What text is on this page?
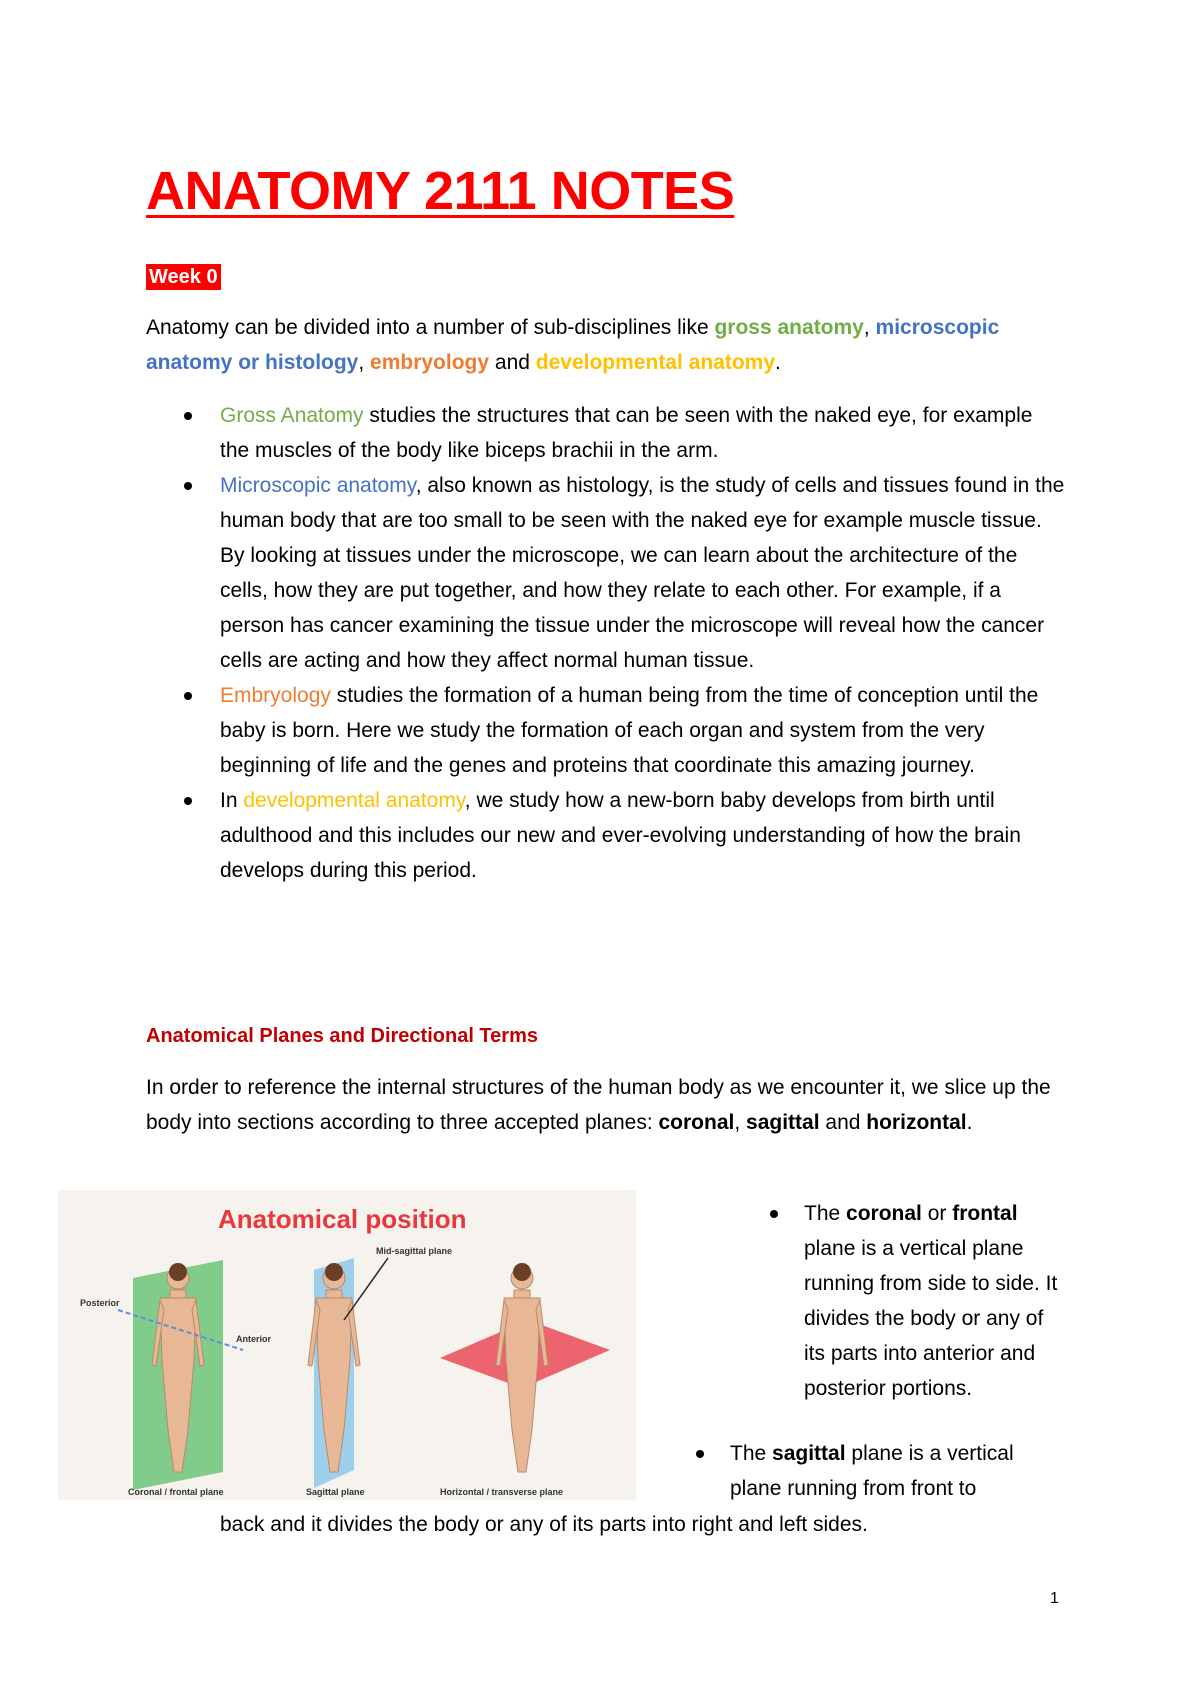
ANATOMY 2111 NOTES
Week 0

Anatomy can be divided into a number of sub-disciplines like gross anatomy, microscopic anatomy or histology, embryology and developmental anatomy.

Gross Anatomy studies the structures that can be seen with the naked eye, for example the muscles of the body like biceps brachii in the arm.
Microscopic anatomy, also known as histology, is the study of cells and tissues found in the human body that are too small to be seen with the naked eye for example muscle tissue. By looking at tissues under the microscope, we can learn about the architecture of the cells, how they are put together, and how they relate to each other. For example, if a person has cancer examining the tissue under the microscope will reveal how the cancer cells are acting and how they affect normal human tissue.
Embryology studies the formation of a human being from the time of conception until the baby is born. Here we study the formation of each organ and system from the very beginning of life and the genes and proteins that coordinate this amazing journey.
In developmental anatomy, we study how a new-born baby develops from birth until adulthood and this includes our new and ever-evolving understanding of how the brain develops during this period.
Anatomical Planes and Directional Terms

In order to reference the internal structures of the human body as we encounter it, we slice up the body into sections according to three accepted planes: coronal, sagittal and horizontal.

Anatomical position
Posterior
Anterior
Mid-sagittal plane
Coronal / frontal plane	Sagittal plane	Horizontal / transverse plane
The coronal or frontal plane is a vertical plane running from side to side. It divides the body or any of its parts into anterior and posterior portions.
The sagittal plane is a vertical plane running from front to

back and it divides the body or any of its parts into right and left sides.

1
